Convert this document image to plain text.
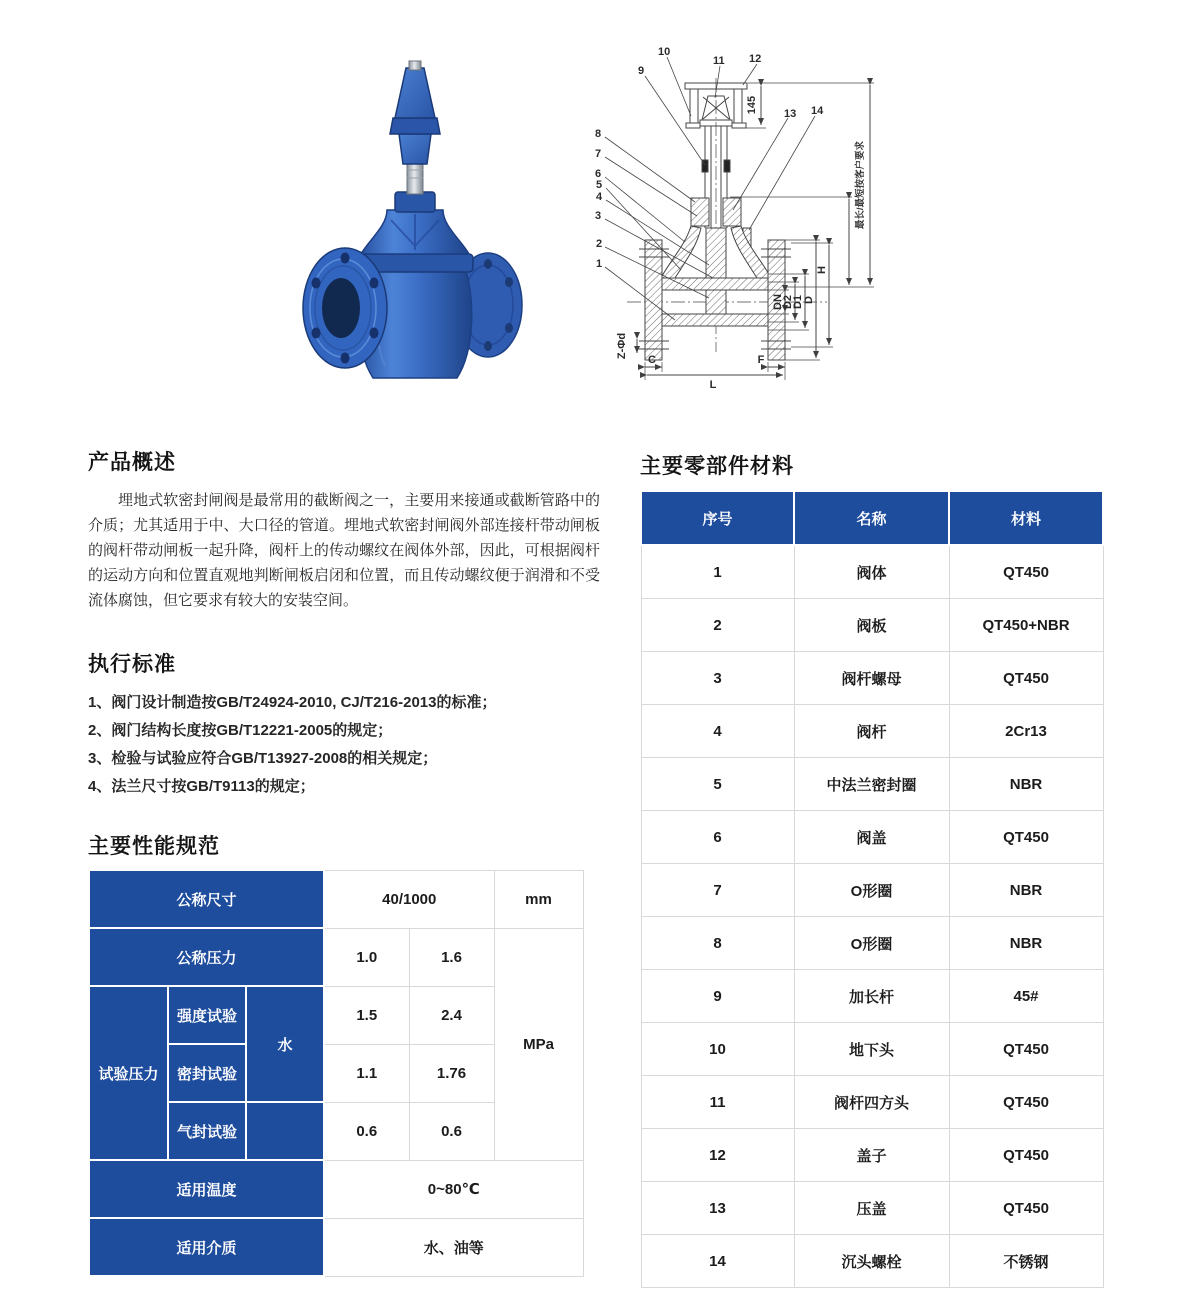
1
2
3
4
5
6
7
8
9
10
11 12
13 14
145
DN
D2
D1 D
H
L
C	F
Z-Φd
最长/最短按客户要求
产品概述

埋地式软密封闸阀是最常用的截断阀之一，主要用来接通或截断管路中的介质；尤其适用于中、大口径的管道。埋地式软密封闸阀外部连接杆带动闸板的阀杆带动闸板一起升降，阀杆上的传动螺纹在阀体外部，因此，可根据阀杆的运动方向和位置直观地判断闸板启闭和位置，而且传动螺纹便于润滑和不受流体腐蚀，但它要求有较大的安装空间。

执行标准
1、阀门设计制造按GB/T24924-2010, CJ/T216-2013的标准；
2、阀门结构长度按GB/T12221-2005的规定；
3、检验与试验应符合GB/T13927-2008的相关规定；
4、法兰尺寸按GB/T9113的规定；
主要性能规范
公称尺寸			40/1000		mm
公称压力			1.0	1.6	MPa
试验压力	强度试验	水	1.5	2.4	
	密封试验		1.1	1.76	
	气封试验		0.6	0.6	
适用温度			0~80℃		
适用介质			水、油等		
主要零部件材料
序号	名称	材料
1	阀体	QT450
2	阀板	QT450+NBR
3	阀杆螺母	QT450
4	阀杆	2Cr13
5	中法兰密封圈	NBR
6	阀盖	QT450
7	O形圈	NBR
8	O形圈	NBR
9	加长杆	45#
10	地下头	QT450
11	阀杆四方头	QT450
12	盖子	QT450
13	压盖	QT450
14	沉头螺栓	不锈钢
